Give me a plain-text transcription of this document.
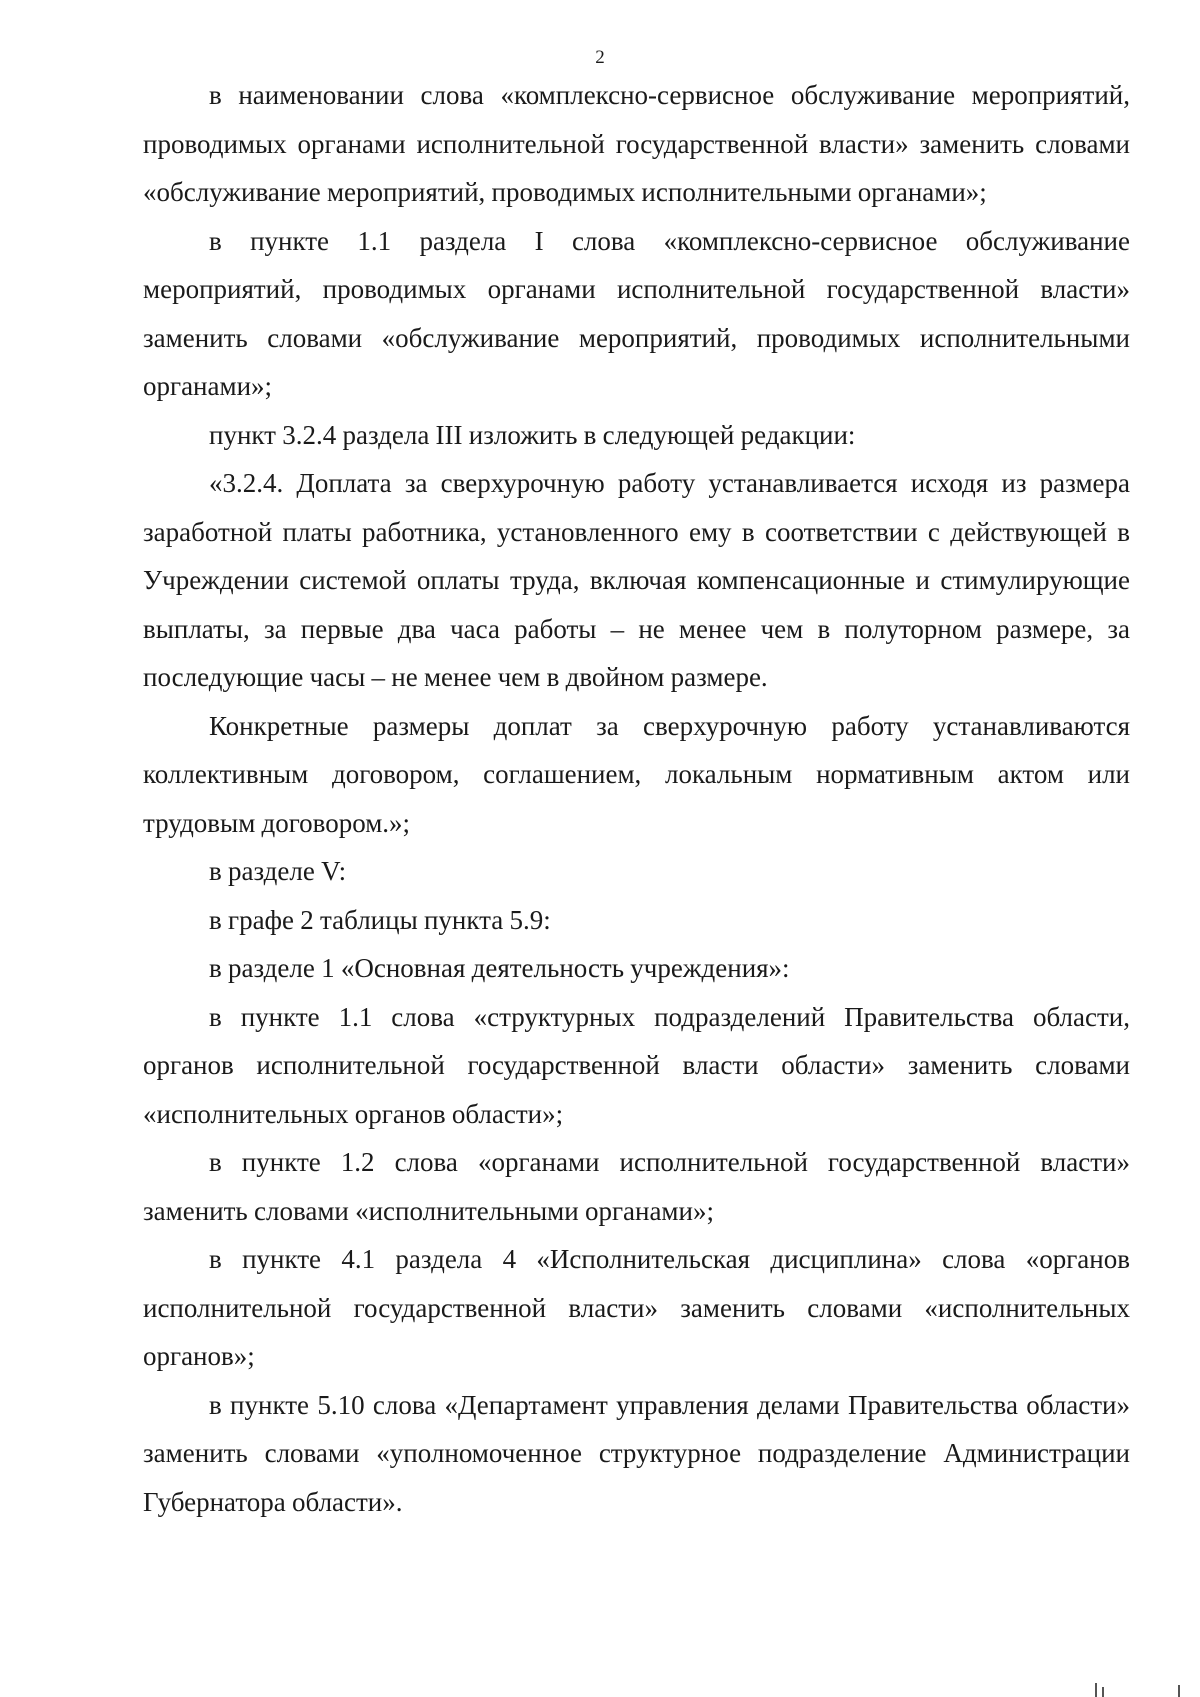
2

в наименовании слова «комплексно-сервисное обслуживание мероприятий, проводимых органами исполнительной государственной власти» заменить словами «обслуживание мероприятий, проводимых исполнительными органами»;

в пункте 1.1 раздела I слова «комплексно-сервисное обслуживание мероприятий, проводимых органами исполнительной государственной власти» заменить словами «обслуживание мероприятий, проводимых исполнительными органами»;

пункт 3.2.4 раздела III изложить в следующей редакции:

«3.2.4. Доплата за сверхурочную работу устанавливается исходя из размера заработной платы работника, установленного ему в соответствии с действующей в Учреждении системой оплаты труда, включая компенсационные и стимулирующие выплаты, за первые два часа работы – не менее чем в полуторном размере, за последующие часы – не менее чем в двойном размере.

Конкретные размеры доплат за сверхурочную работу устанавливаются коллективным договором, соглашением, локальным нормативным актом или трудовым договором.»;

в разделе V:

в графе 2 таблицы пункта 5.9:

в разделе 1 «Основная деятельность учреждения»:

в пункте 1.1 слова «структурных подразделений Правительства области, органов исполнительной государственной власти области» заменить словами «исполнительных органов области»;

в пункте 1.2 слова «органами исполнительной государственной власти» заменить словами «исполнительными органами»;

в пункте 4.1 раздела 4 «Исполнительская дисциплина» слова «органов исполнительной государственной власти» заменить словами «исполнительных органов»;

в пункте 5.10 слова «Департамент управления делами Правительства области» заменить словами «уполномоченное структурное подразделение Администрации Губернатора области».
